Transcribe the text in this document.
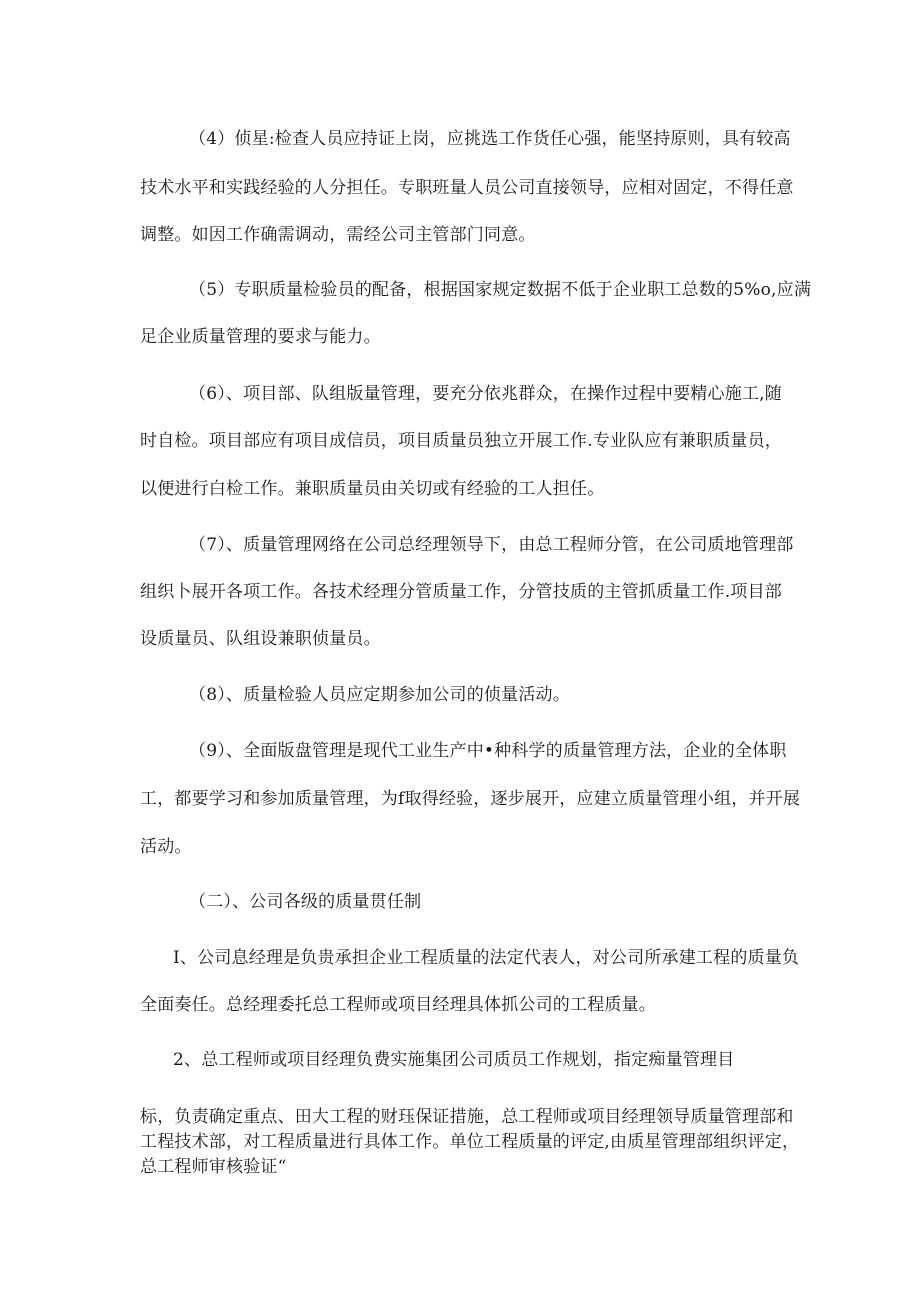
（4）侦星:检查人员应持证上岗，应挑选工作货任心强，能坚持原则，具有较高

技术水平和实践经验的人分担任。专职班量人员公司直接领导，应相对固定，不得任意

调整。如因工作确需调动，需经公司主管部门同意。

（5）专职质量检验员的配备，根据国家规定数据不低于企业职工总数的5%o,应满

足企业质量管理的要求与能力。

（6）、项目部、队组版量管理，要充分依兆群众，在操作过程中要精心施工,随

时自检。项目部应有项目成信员，项目质量员独立开展工作.专业队应有兼职质量员，

以便进行白检工作。兼职质量员由关切或有经验的工人担任。

（7）、质量管理网络在公司总经理领导下，由总工程师分管，在公司质地管理部

组织卜展开各项工作。各技术经理分管质量工作，分管技质的主管抓质量工作.项目部

设质量员、队组设兼职侦量员。

（8）、质量检验人员应定期参加公司的侦量活动。

（9）、全面版盘管理是现代工业生产中•种科学的质量管理方法，企业的全体职

工，都要学习和参加质量管理，为f取得经验，逐步展开，应建立质量管理小组，并开展

活动。

（二）、公司各级的质量贯任制

I、公司息经理是负贵承担企业工程质量的法定代表人，对公司所承建工程的质量负

全面奏任。总经理委托总工程师或项目经理具体抓公司的工程质量。

2、总工程师或项目经理负费实施集团公司质员工作规划，指定痴量管理目

标，负责确定重点、田大工程的财珏保证措施，总工程师或项目经理领导质量管理部和

工程技术部，对工程质量进行具体工作。单位工程质量的评定,由质星管理部组织评定，

总工程师审核验证“
